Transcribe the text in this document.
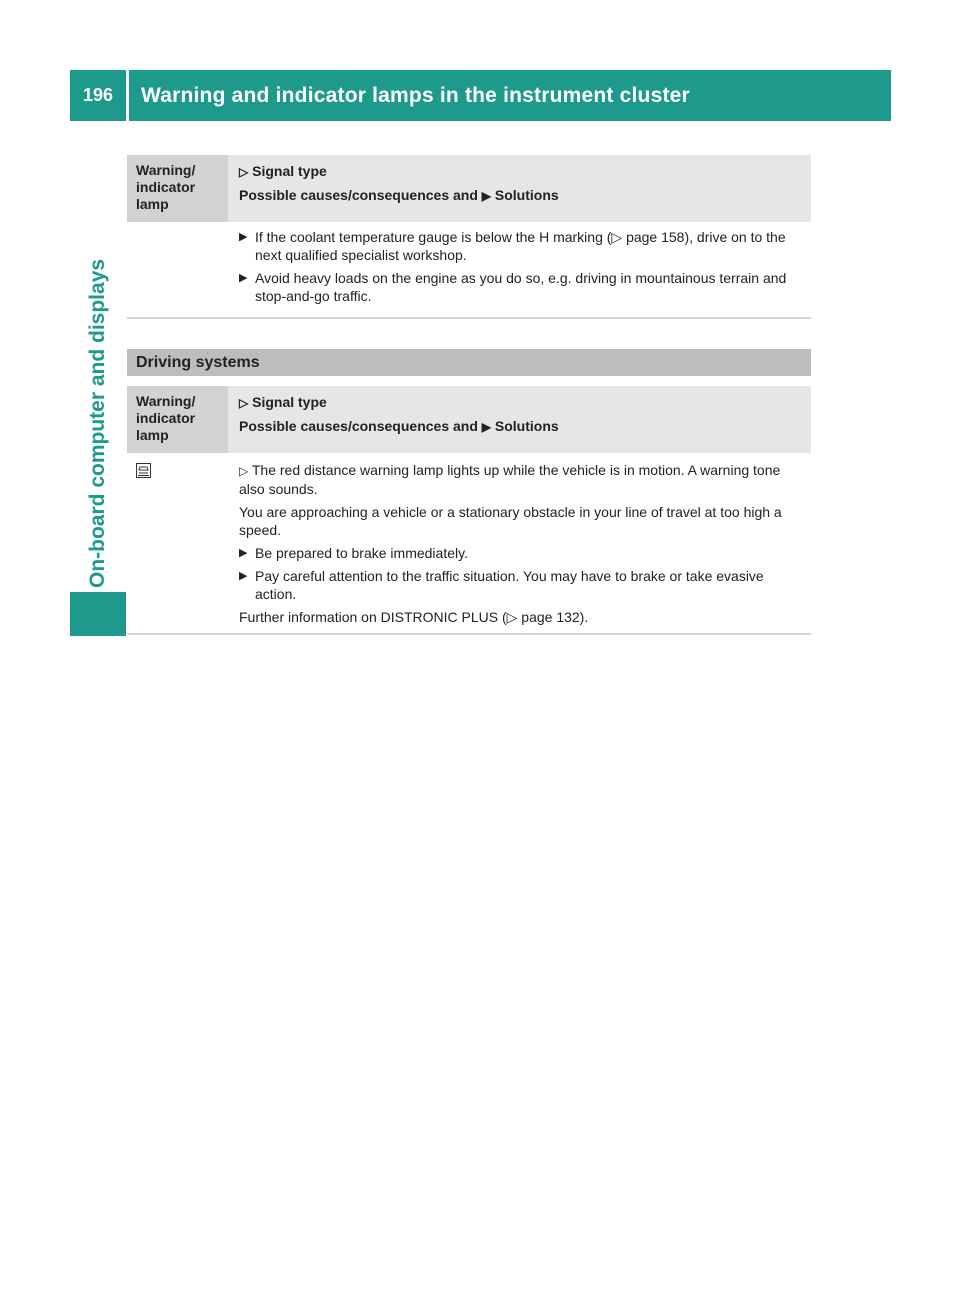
196	Warning and indicator lamps in the instrument cluster
On-board computer and displays
Warning/ indicator lamp
▷ Signal type
Possible causes/consequences and ▶ Solutions
▶ If the coolant temperature gauge is below the H marking (▷ page 158), drive on to the next qualified specialist workshop.
▶ Avoid heavy loads on the engine as you do so, e.g. driving in mountainous terrain and stop-and-go traffic.
Driving systems
Warning/ indicator lamp
▷ Signal type
Possible causes/consequences and ▶ Solutions
▷ The red distance warning lamp lights up while the vehicle is in motion. A warning tone also sounds.
You are approaching a vehicle or a stationary obstacle in your line of travel at too high a speed.
▶ Be prepared to brake immediately.
▶ Pay careful attention to the traffic situation. You may have to brake or take evasive action.
Further information on DISTRONIC PLUS (▷ page 132).
